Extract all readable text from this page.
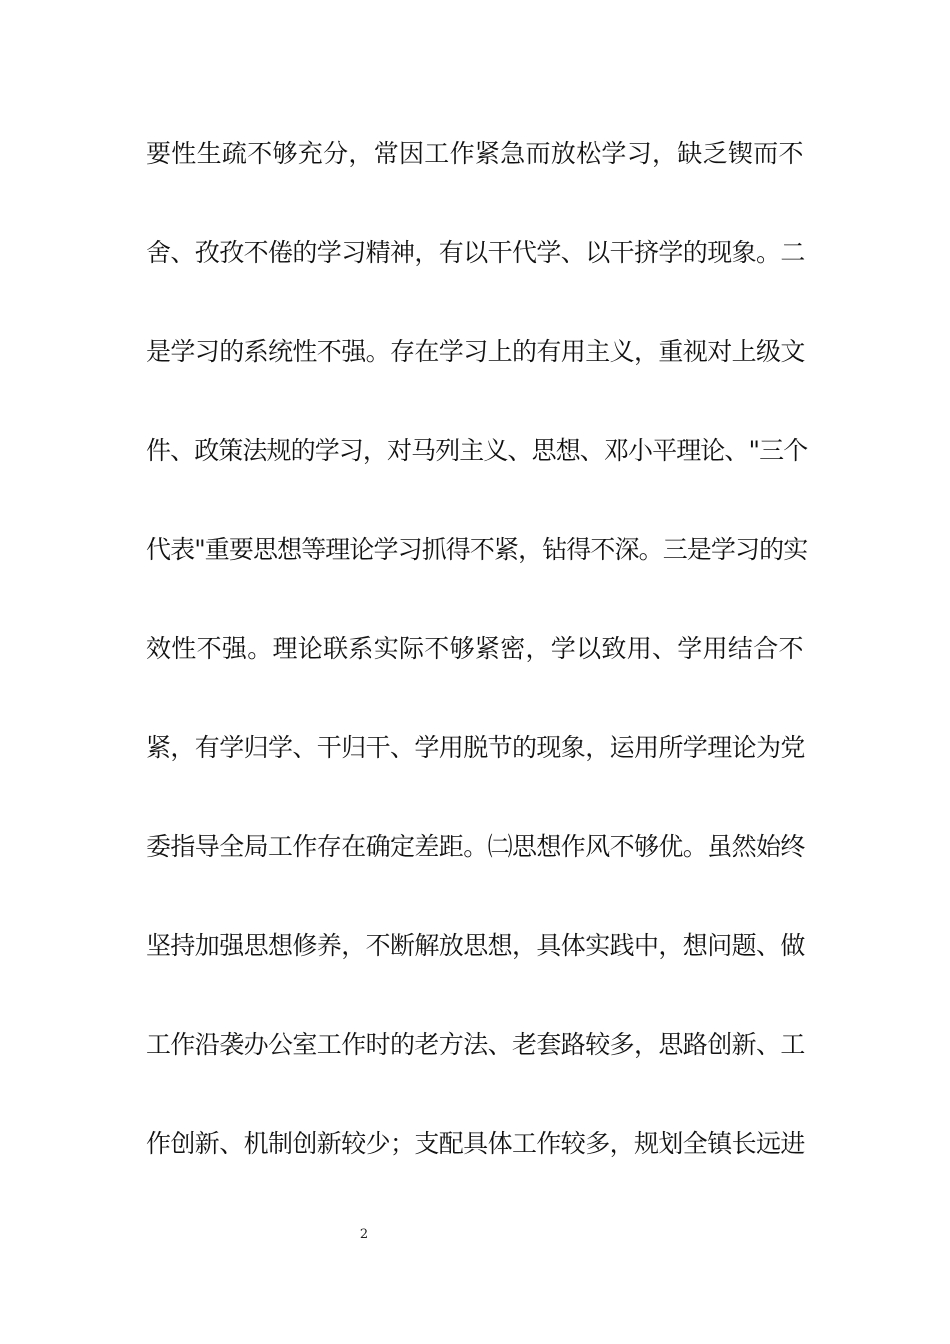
要性生疏不够充分，常因工作紧急而放松学习，缺乏锲而不
舍、孜孜不倦的学习精神，有以干代学、以干挤学的现象。二
是学习的系统性不强。存在学习上的有用主义，重视对上级文
件、政策法规的学习，对马列主义、思想、邓小平理论、"三个
代表"重要思想等理论学习抓得不紧，钻得不深。三是学习的实
效性不强。理论联系实际不够紧密，学以致用、学用结合不
紧，有学归学、干归干、学用脱节的现象，运用所学理论为党
委指导全局工作存在确定差距。㈡思想作风不够优。虽然始终
坚持加强思想修养，不断解放思想，具体实践中，想问题、做
工作沿袭办公室工作时的老方法、老套路较多，思路创新、工
作创新、机制创新较少；支配具体工作较多，规划全镇长远进
2
